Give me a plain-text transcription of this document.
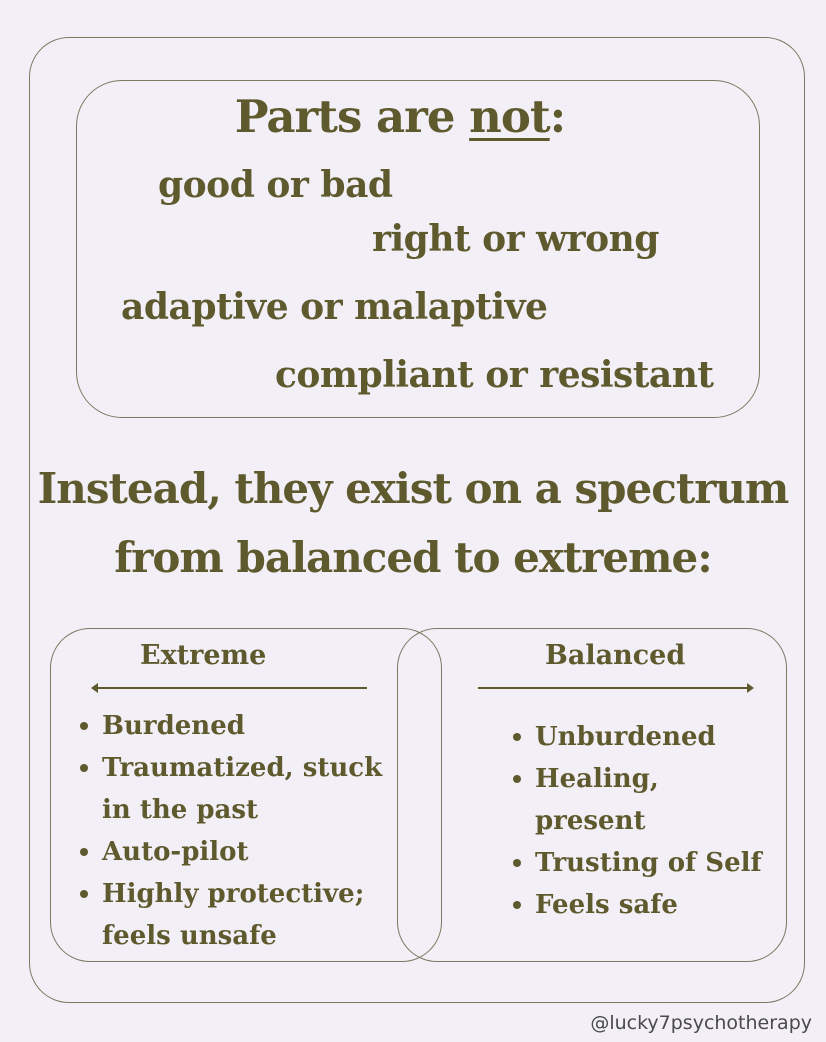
Parts are not:
good or bad
right or wrong
adaptive or malaptive
compliant or resistant
Instead, they exist on a spectrum
from balanced to extreme:
Extreme	Balanced
Burdened
Traumatized, stuck
in the past
Auto-pilot
Highly protective;
feels unsafe
Unburdened
Healing,
present
Trusting of Self
Feels safe
@lucky7psychotherapy
